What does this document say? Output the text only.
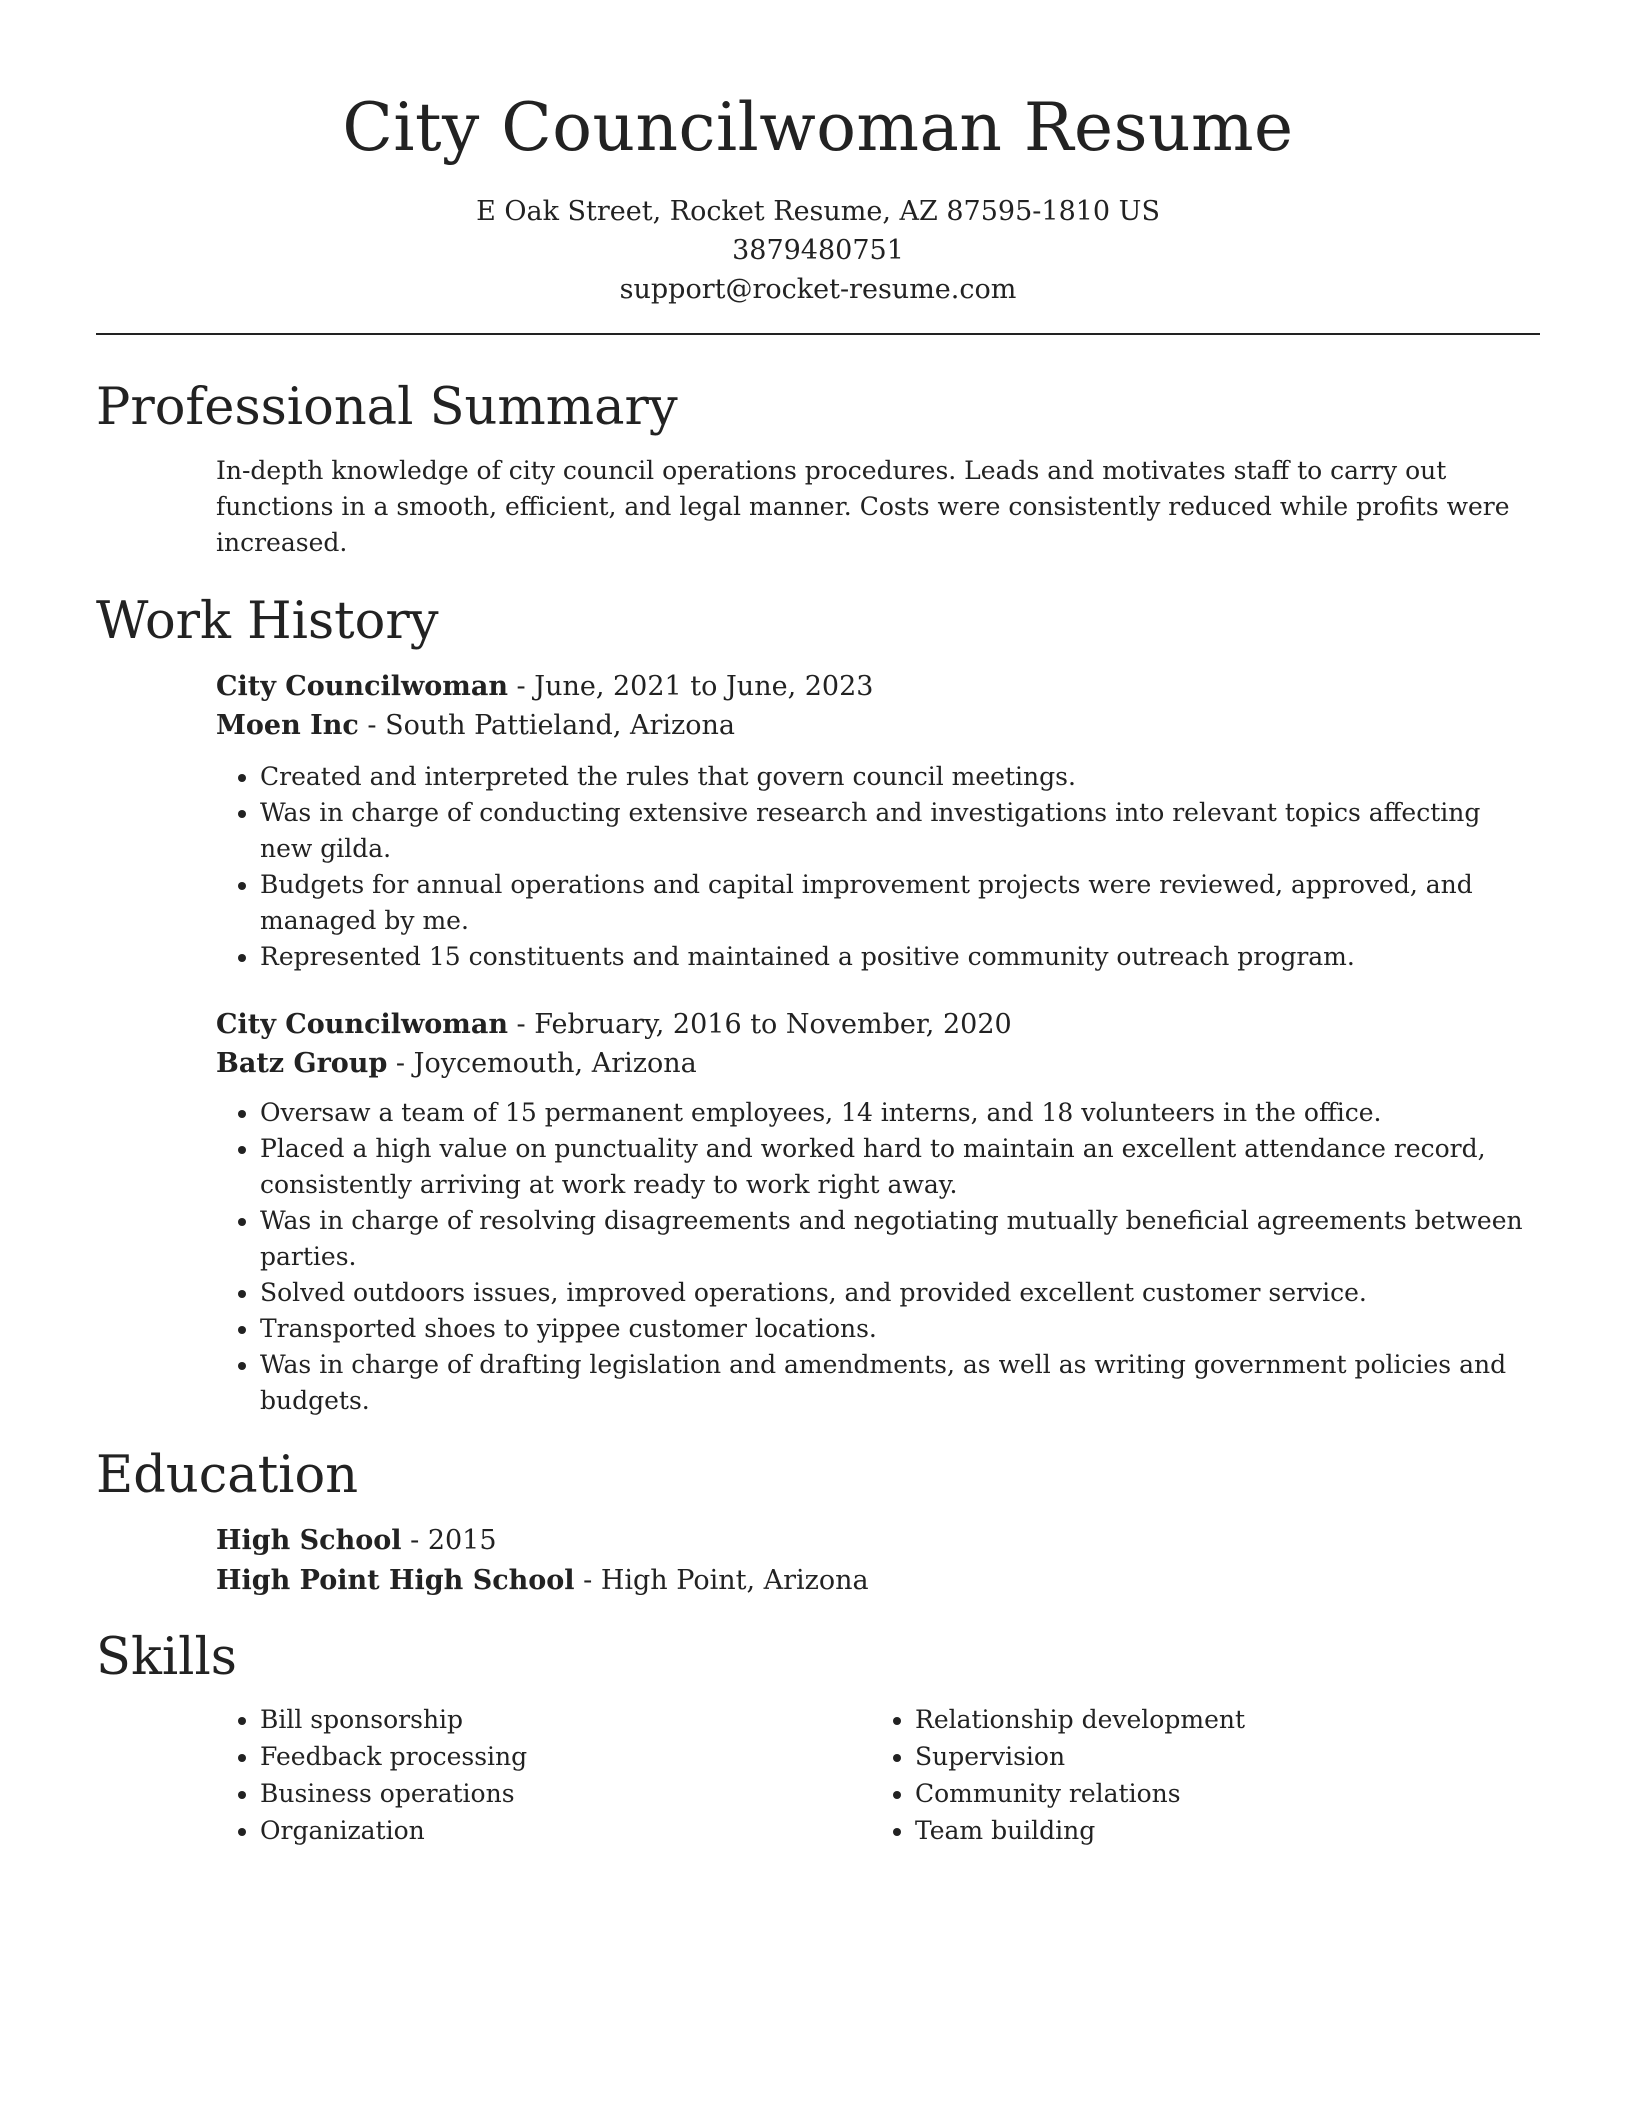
City Councilwoman Resume
E Oak Street, Rocket Resume, AZ 87595-1810 US
3879480751
support@rocket-resume.com
Professional Summary

In-depth knowledge of city council operations procedures. Leads and motivates staff to carry out functions in a smooth, efficient, and legal manner. Costs were consistently reduced while profits were increased.

Work History
City Councilwoman - June, 2021 to June, 2023
Moen Inc - South Pattieland, Arizona
• Created and interpreted the rules that govern council meetings.
• Was in charge of conducting extensive research and investigations into relevant topics affecting new gilda.
• Budgets for annual operations and capital improvement projects were reviewed, approved, and managed by me.
• Represented 15 constituents and maintained a positive community outreach program.
City Councilwoman - February, 2016 to November, 2020
Batz Group - Joycemouth, Arizona
• Oversaw a team of 15 permanent employees, 14 interns, and 18 volunteers in the office.
• Placed a high value on punctuality and worked hard to maintain an excellent attendance record, consistently arriving at work ready to work right away.
• Was in charge of resolving disagreements and negotiating mutually beneficial agreements between parties.
• Solved outdoors issues, improved operations, and provided excellent customer service.
• Transported shoes to yippee customer locations.
• Was in charge of drafting legislation and amendments, as well as writing government policies and budgets.
Education
High School - 2015
High Point High School - High Point, Arizona
Skills
• Bill sponsorship
• Feedback processing
• Business operations
• Organization
• Relationship development
• Supervision
• Community relations
• Team building
